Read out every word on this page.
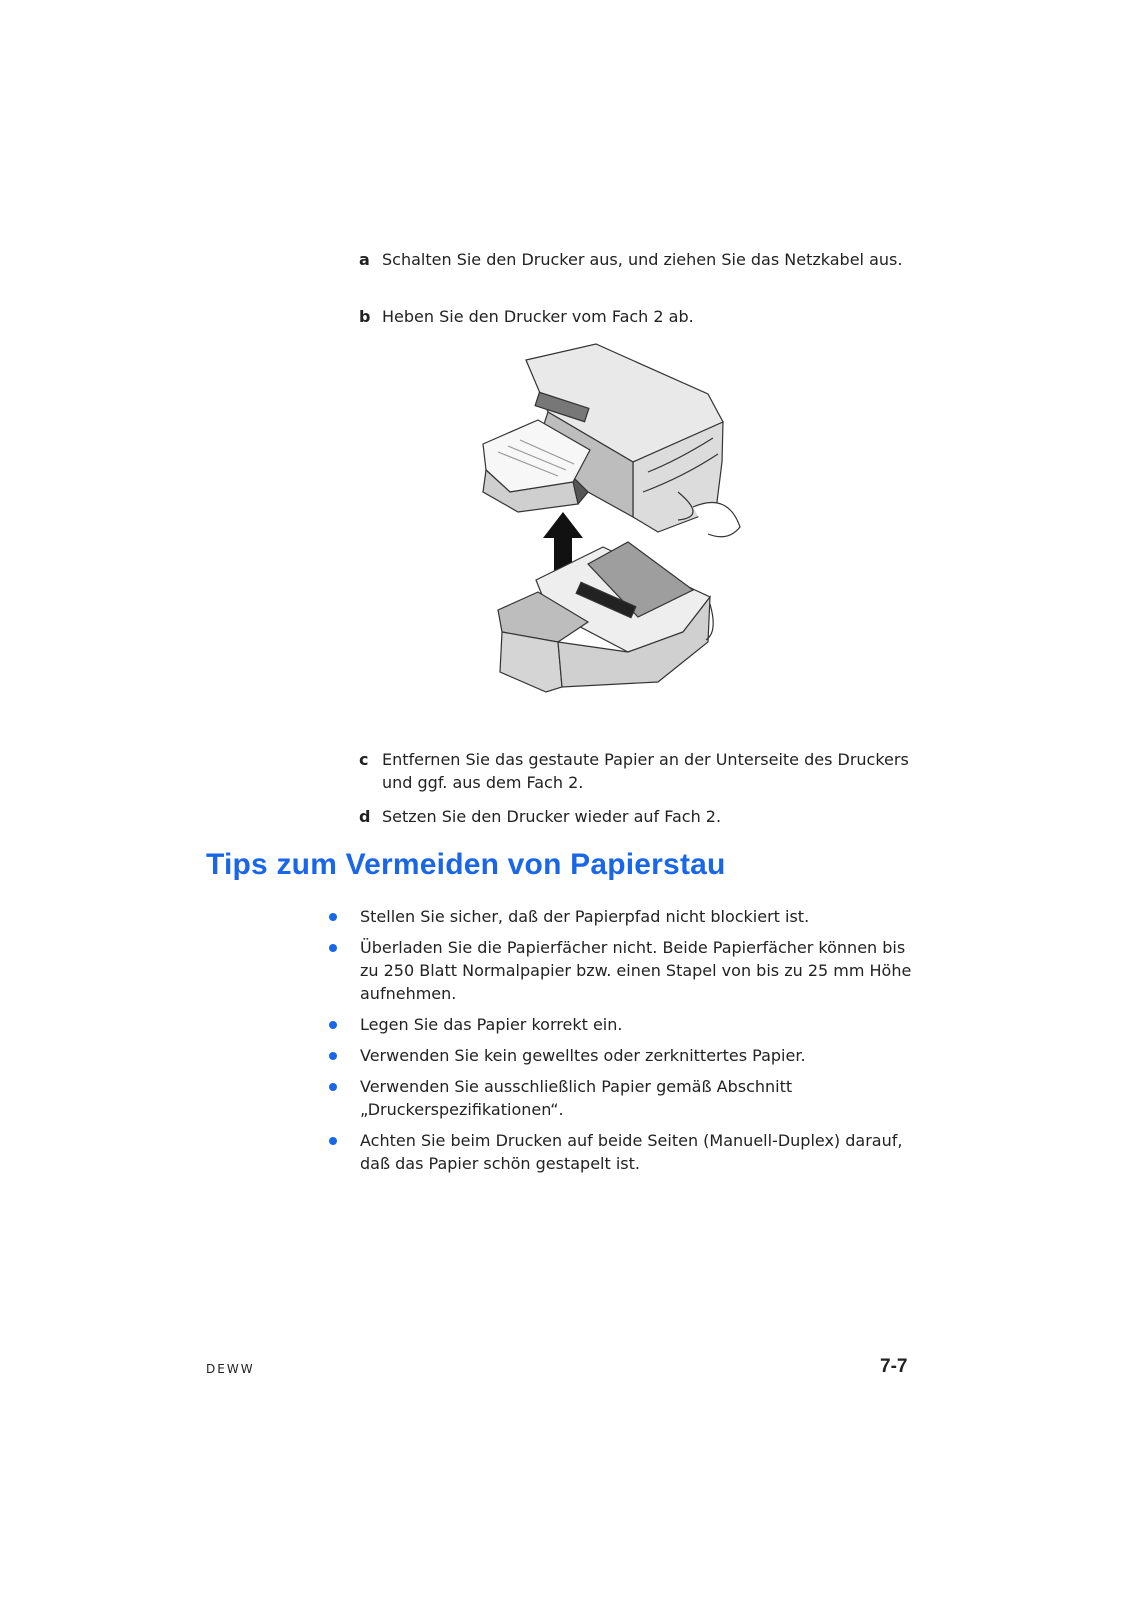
a Schalten Sie den Drucker aus, und ziehen Sie das Netzkabel aus.
b Heben Sie den Drucker vom Fach 2 ab.
c Entfernen Sie das gestaute Papier an der Unterseite des Druckers und ggf. aus dem Fach 2.
d Setzen Sie den Drucker wieder auf Fach 2.
Tips zum Vermeiden von Papierstau
Stellen Sie sicher, daß der Papierpfad nicht blockiert ist.
Überladen Sie die Papierfächer nicht. Beide Papierfächer können bis zu 250 Blatt Normalpapier bzw. einen Stapel von bis zu 25 mm Höhe aufnehmen.
Legen Sie das Papier korrekt ein.
Verwenden Sie kein gewelltes oder zerknittertes Papier.
Verwenden Sie ausschließlich Papier gemäß Abschnitt „Druckerspezifikationen“.
Achten Sie beim Drucken auf beide Seiten (Manuell-Duplex) darauf, daß das Papier schön gestapelt ist.
DEWW	7-7
